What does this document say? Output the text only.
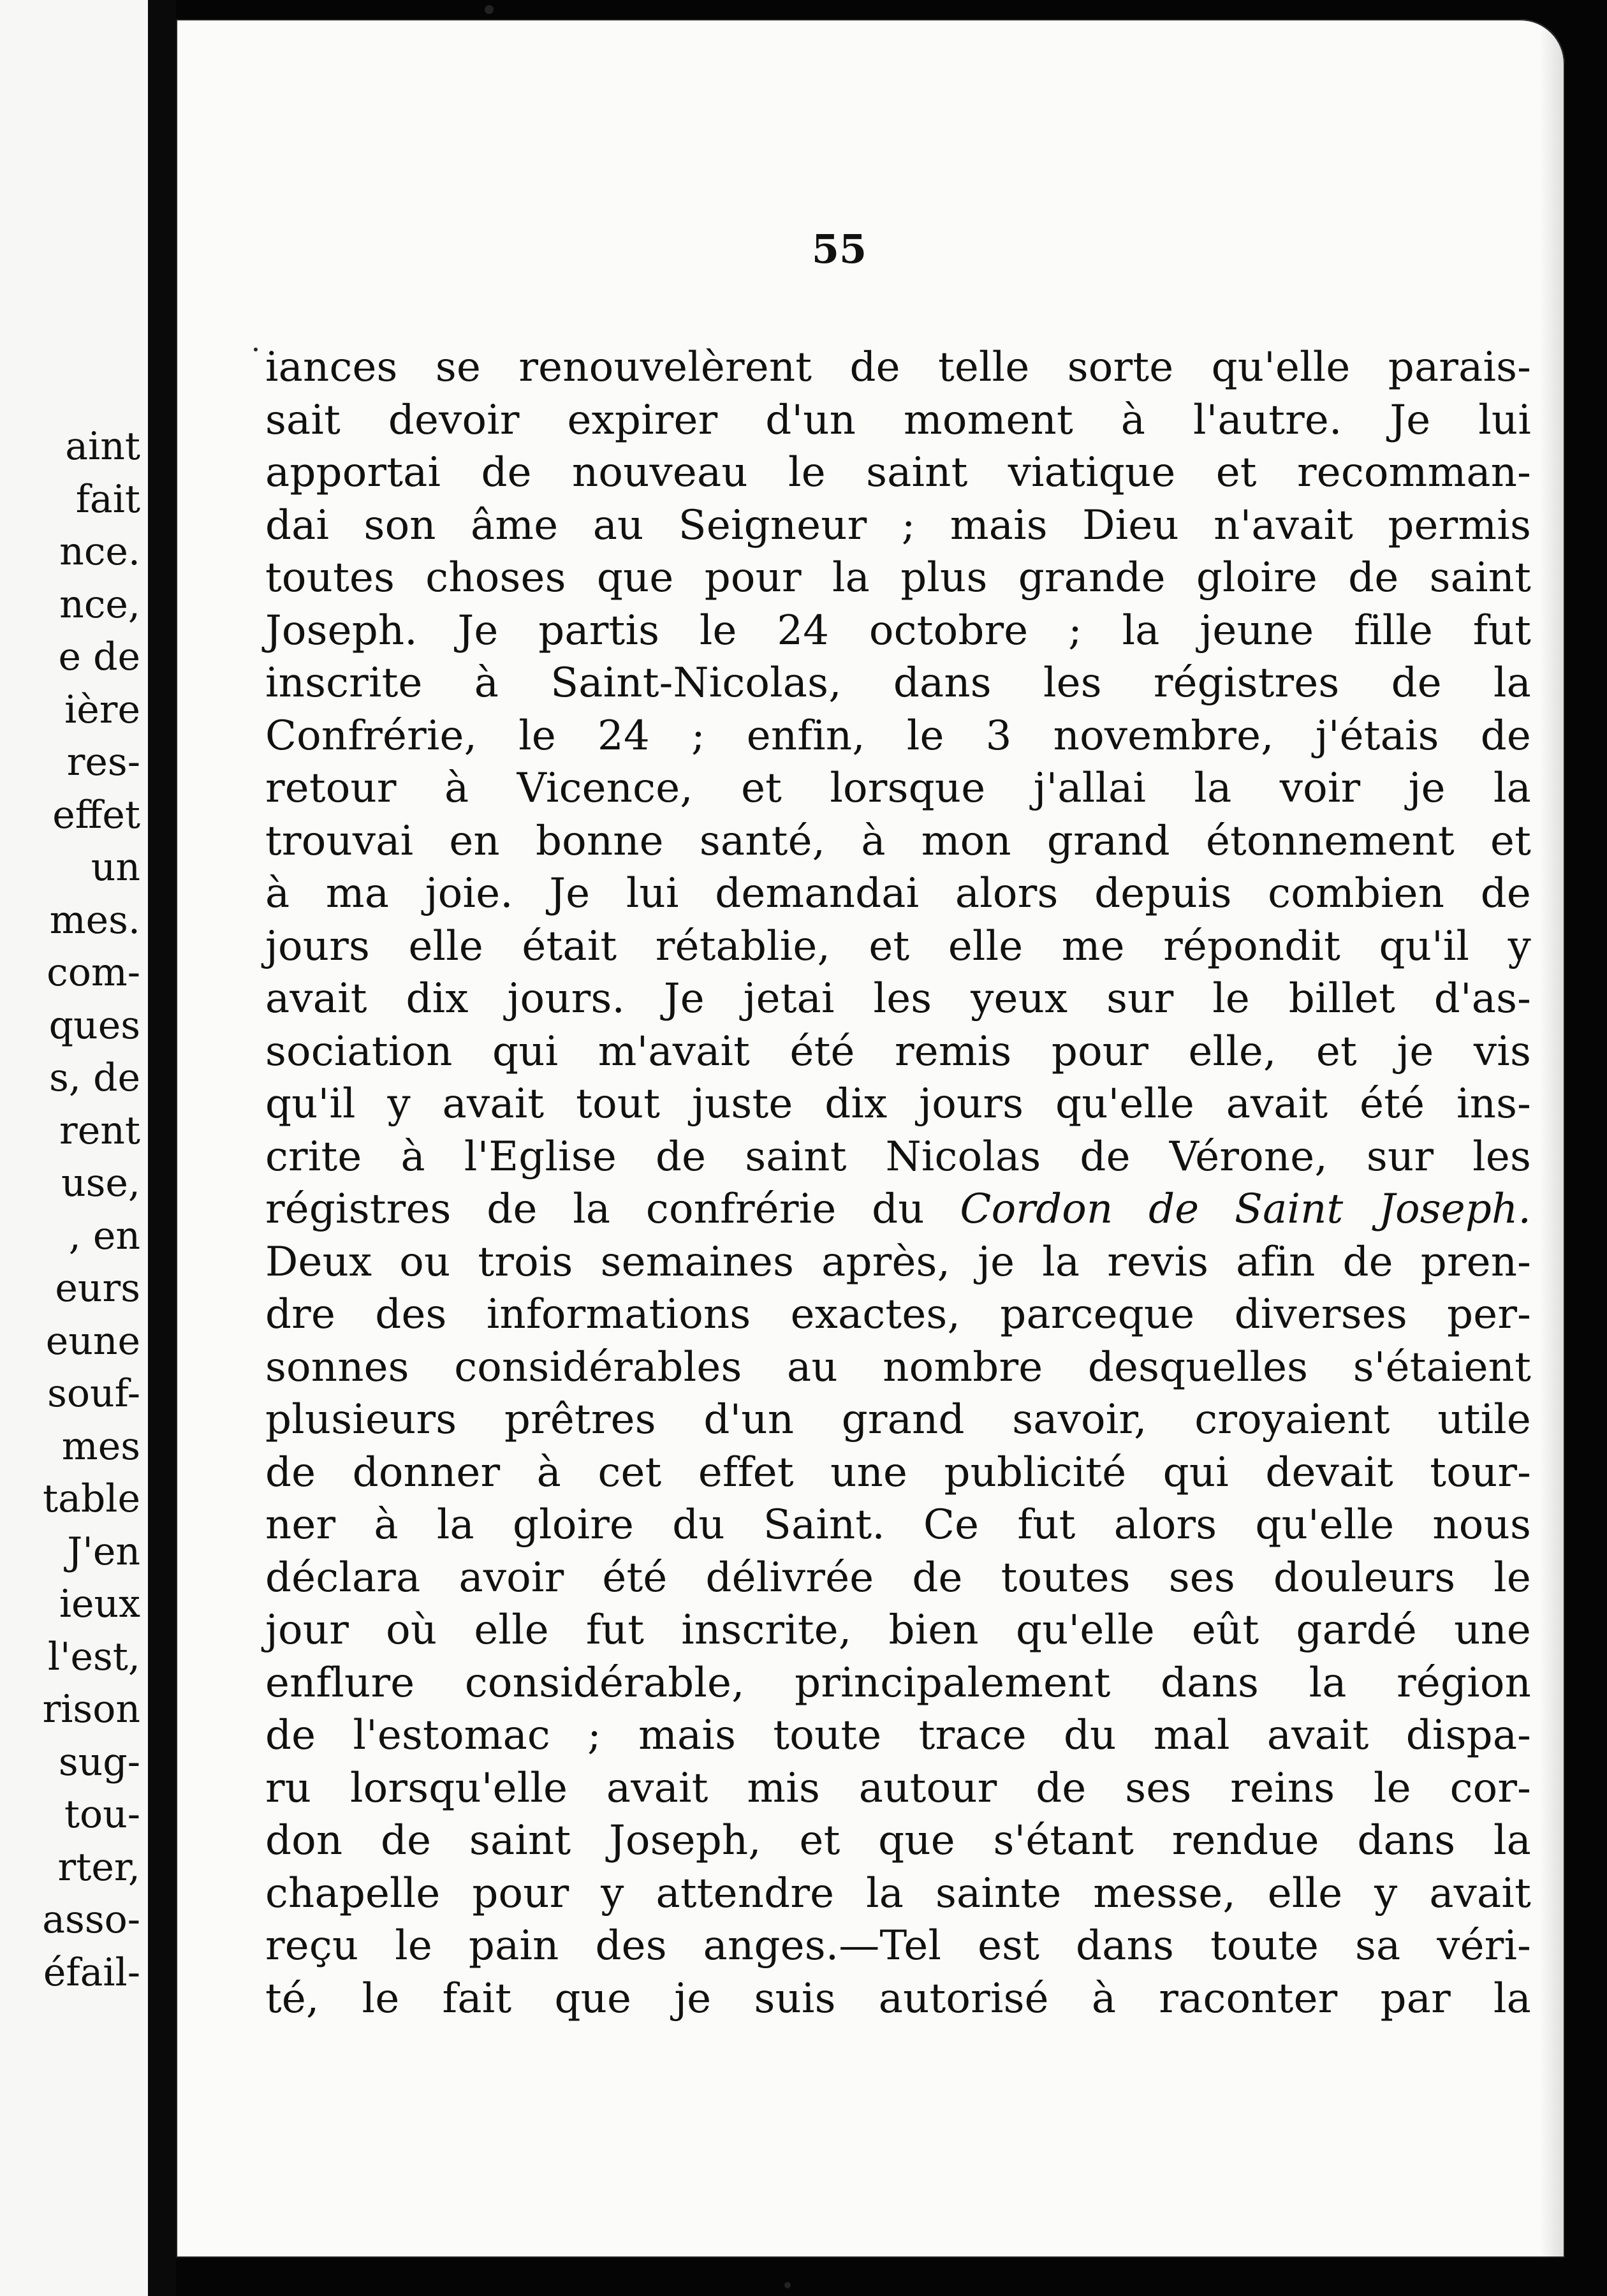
aint
fait
nce.
nce,
e de
ière
res-
effet
un
mes.
com-
ques
s, de
rent
use,
, en
eurs
eune
souf-
mes
table
J'en
ieux
l'est,
rison
sug-
tou-
rter,
asso-
éfail-
55
iances se renouvelèrent de telle sorte qu'elle parais-
sait devoir expirer d'un moment à l'autre. Je lui
apportai de nouveau le saint viatique et recomman-
dai son âme au Seigneur ; mais Dieu n'avait permis
toutes choses que pour la plus grande gloire de saint
Joseph. Je partis le 24 octobre ; la jeune fille fut
inscrite à Saint-Nicolas, dans les régistres de la
Confrérie, le 24 ; enfin, le 3 novembre, j'étais de
retour à Vicence, et lorsque j'allai la voir je la
trouvai en bonne santé, à mon grand étonnement et
à ma joie. Je lui demandai alors depuis combien de
jours elle était rétablie, et elle me répondit qu'il y
avait dix jours. Je jetai les yeux sur le billet d'as-
sociation qui m'avait été remis pour elle, et je vis
qu'il y avait tout juste dix jours qu'elle avait été ins-
crite à l'Eglise de saint Nicolas de Vérone, sur les
régistres de la confrérie du Cordon de Saint Joseph.
Deux ou trois semaines après, je la revis afin de pren-
dre des informations exactes, parceque diverses per-
sonnes considérables au nombre desquelles s'étaient
plusieurs prêtres d'un grand savoir, croyaient utile
de donner à cet effet une publicité qui devait tour-
ner à la gloire du Saint. Ce fut alors qu'elle nous
déclara avoir été délivrée de toutes ses douleurs le
jour où elle fut inscrite, bien qu'elle eût gardé une
enflure considérable, principalement dans la région
de l'estomac ; mais toute trace du mal avait dispa-
ru lorsqu'elle avait mis autour de ses reins le cor-
don de saint Joseph, et que s'étant rendue dans la
chapelle pour y attendre la sainte messe, elle y avait
reçu le pain des anges.—Tel est dans toute sa véri-
té, le fait que je suis autorisé à raconter par la
